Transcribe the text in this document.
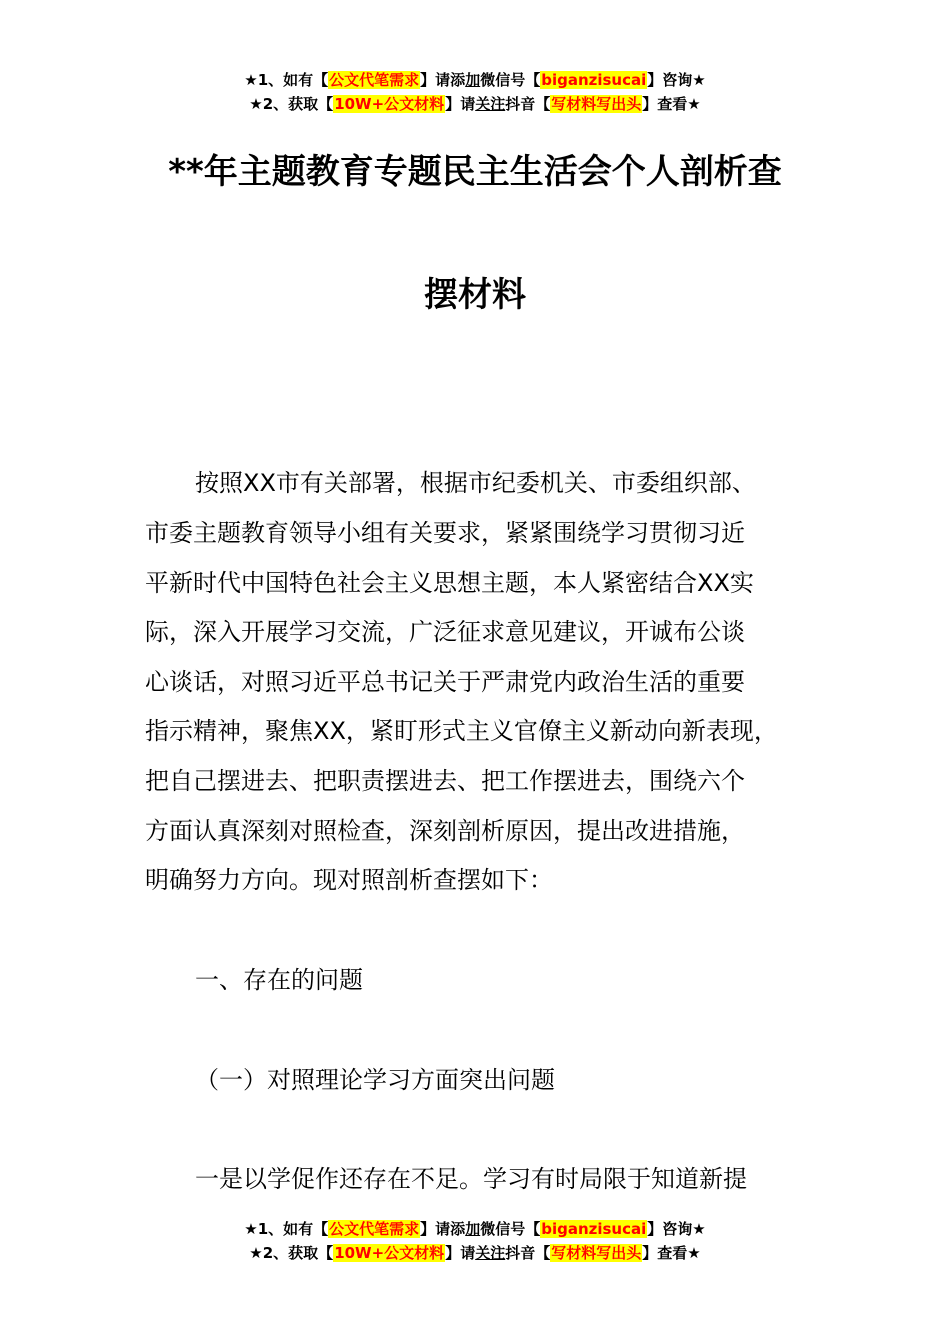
★1、如有【公文代笔需求】请添加微信号【biganzisucai】咨询★
★2、获取【10W+公文材料】请关注抖音【写材料写出头】查看★
**年主题教育专题民主生活会个人剖析查
摆材料
按照XX市有关部署，根据市纪委机关、市委组织部、
市委主题教育领导小组有关要求，紧紧围绕学习贯彻习近
平新时代中国特色社会主义思想主题，本人紧密结合XX实
际，深入开展学习交流，广泛征求意见建议，开诚布公谈
心谈话，对照习近平总书记关于严肃党内政治生活的重要
指示精神，聚焦XX，紧盯形式主义官僚主义新动向新表现，
把自己摆进去、把职责摆进去、把工作摆进去，围绕六个
方面认真深刻对照检查，深刻剖析原因，提出改进措施，
明确努力方向。现对照剖析查摆如下：
一、存在的问题
（一）对照理论学习方面突出问题
一是以学促作还存在不足。学习有时局限于知道新提
★1、如有【公文代笔需求】请添加微信号【biganzisucai】咨询★
★2、获取【10W+公文材料】请关注抖音【写材料写出头】查看★
